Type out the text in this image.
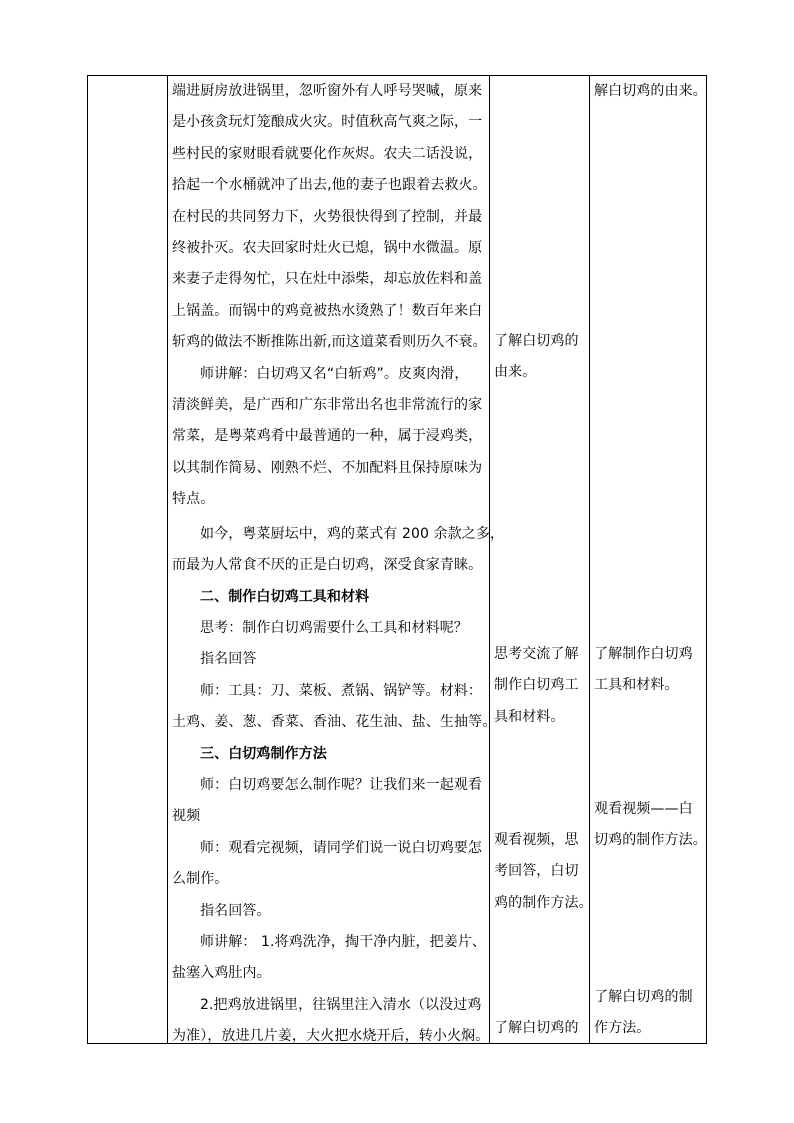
端进厨房放进锅里，忽听窗外有人呼号哭喊，原来

是小孩贪玩灯笼酿成火灾。时值秋高气爽之际，一

些村民的家财眼看就要化作灰烬。农夫二话没说，

拾起一个水桶就冲了出去,他的妻子也跟着去救火。

在村民的共同努力下，火势很快得到了控制，并最

终被扑灭。农夫回家时灶火已熄，锅中水微温。原

来妻子走得匆忙，只在灶中添柴，却忘放佐料和盖

上锅盖。而锅中的鸡竟被热水烫熟了！数百年来白

斩鸡的做法不断推陈出新,而这道菜看则历久不衰。

师讲解：白切鸡又名“白斩鸡”。皮爽肉滑，

清淡鲜美，是广西和广东非常出名也非常流行的家

常菜，是粤菜鸡肴中最普通的一种，属于浸鸡类，

以其制作简易、刚熟不烂、不加配料且保持原味为

特点。

如今，粤菜厨坛中，鸡的菜式有 200 余款之多，

而最为人常食不厌的正是白切鸡，深受食家青睐。

二、制作白切鸡工具和材料

思考：制作白切鸡需要什么工具和材料呢？

指名回答

师：工具：刀、菜板、煮锅、锅铲等。材料：

土鸡、姜、葱、香菜、香油、花生油、盐、生抽等。

三、白切鸡制作方法

师：白切鸡要怎么制作呢？让我们来一起观看

视频

师：观看完视频，请同学们说一说白切鸡要怎

么制作。

指名回答。

师讲解： 1.将鸡洗净，掏干净内脏，把姜片、

盐塞入鸡肚内。

2.把鸡放进锅里，往锅里注入清水（以没过鸡

为准），放进几片姜，大火把水烧开后，转小火焖。

了解白切鸡的

由来。

思考交流了解

制作白切鸡工

具和材料。

观看视频，思

考回答，白切

鸡的制作方法。

了解白切鸡的

解白切鸡的由来。

了解制作白切鸡

工具和材料。

观看视频——白

切鸡的制作方法。

了解白切鸡的制

作方法。
